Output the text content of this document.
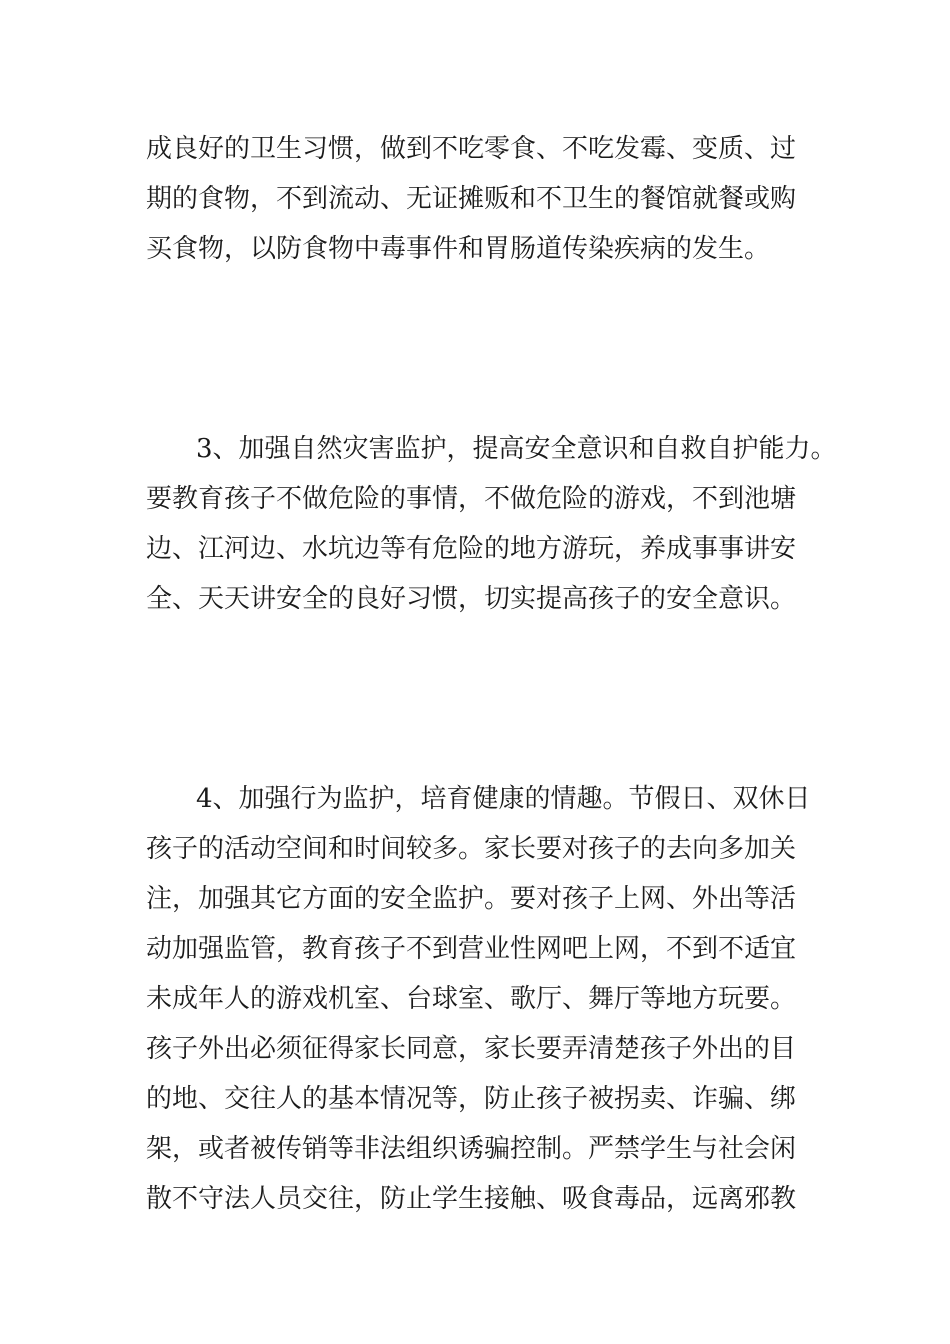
成良好的卫生习惯，做到不吃零食、不吃发霉、变质、过
期的食物，不到流动、无证摊贩和不卫生的餐馆就餐或购
买食物，以防食物中毒事件和胃肠道传染疾病的发生。
3、加强自然灾害监护，提高安全意识和自救自护能力。
要教育孩子不做危险的事情，不做危险的游戏，不到池塘
边、江河边、水坑边等有危险的地方游玩，养成事事讲安
全、天天讲安全的良好习惯，切实提高孩子的安全意识。
4、加强行为监护，培育健康的情趣。节假日、双休日
孩子的活动空间和时间较多。家长要对孩子的去向多加关
注，加强其它方面的安全监护。要对孩子上网、外出等活
动加强监管，教育孩子不到营业性网吧上网，不到不适宜
未成年人的游戏机室、台球室、歌厅、舞厅等地方玩要。
孩子外出必须征得家长同意，家长要弄清楚孩子外出的目
的地、交往人的基本情况等，防止孩子被拐卖、诈骗、绑
架，或者被传销等非法组织诱骗控制。严禁学生与社会闲
散不守法人员交往，防止学生接触、吸食毒品，远离邪教
